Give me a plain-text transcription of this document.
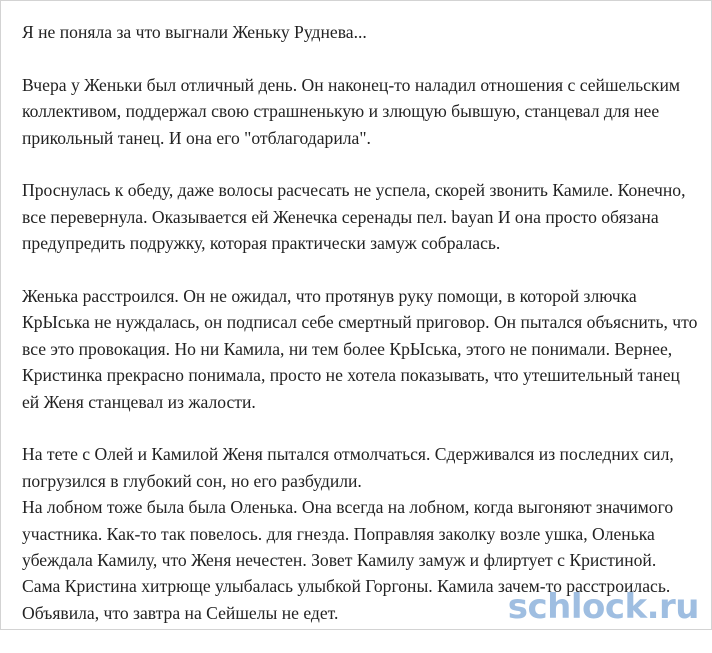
Я не поняла за что выгнали Женьку Руднева...

Вчера у Женьки был отличный день. Он наконец-то наладил отношения с сейшельским коллективом, поддержал свою страшненькую и злющую бывшую, станцевал для нее прикольный танец. И она его "отблагодарила".

Проснулась к обеду, даже волосы расчесать не успела, скорей звонить Камиле. Конечно, все перевернула. Оказывается ей Женечка серенады пел. bayan И она просто обязана предупредить подружку, которая практически замуж собралась.

Женька расстроился. Он не ожидал, что протянув руку помощи, в которой злючка КрЫська не нуждалась, он подписал себе смертный приговор. Он пытался объяснить, что все это провокация. Но ни Камила, ни тем более КрЫська, этого не понимали. Вернее, Кристинка прекрасно понимала, просто не хотела показывать, что утешительный танец ей Женя станцевал из жалости.

На тете с Олей и Камилой Женя пытался отмолчаться. Сдерживался из последних сил, погрузился в глубокий сон, но его разбудили.

На лобном тоже была была Оленька. Она всегда на лобном, когда выгоняют значимого участника. Как-то так повелось. для гнезда. Поправляя заколку возле ушка, Оленька убеждала Камилу, что Женя нечестен. Зовет Камилу замуж и флиртует с Кристиной. Сама Кристина хитрюще улыбалась улыбкой Горгоны. Камила зачем-то расстроилась. Объявила, что завтра на Сейшелы не едет.	schlock.ru
